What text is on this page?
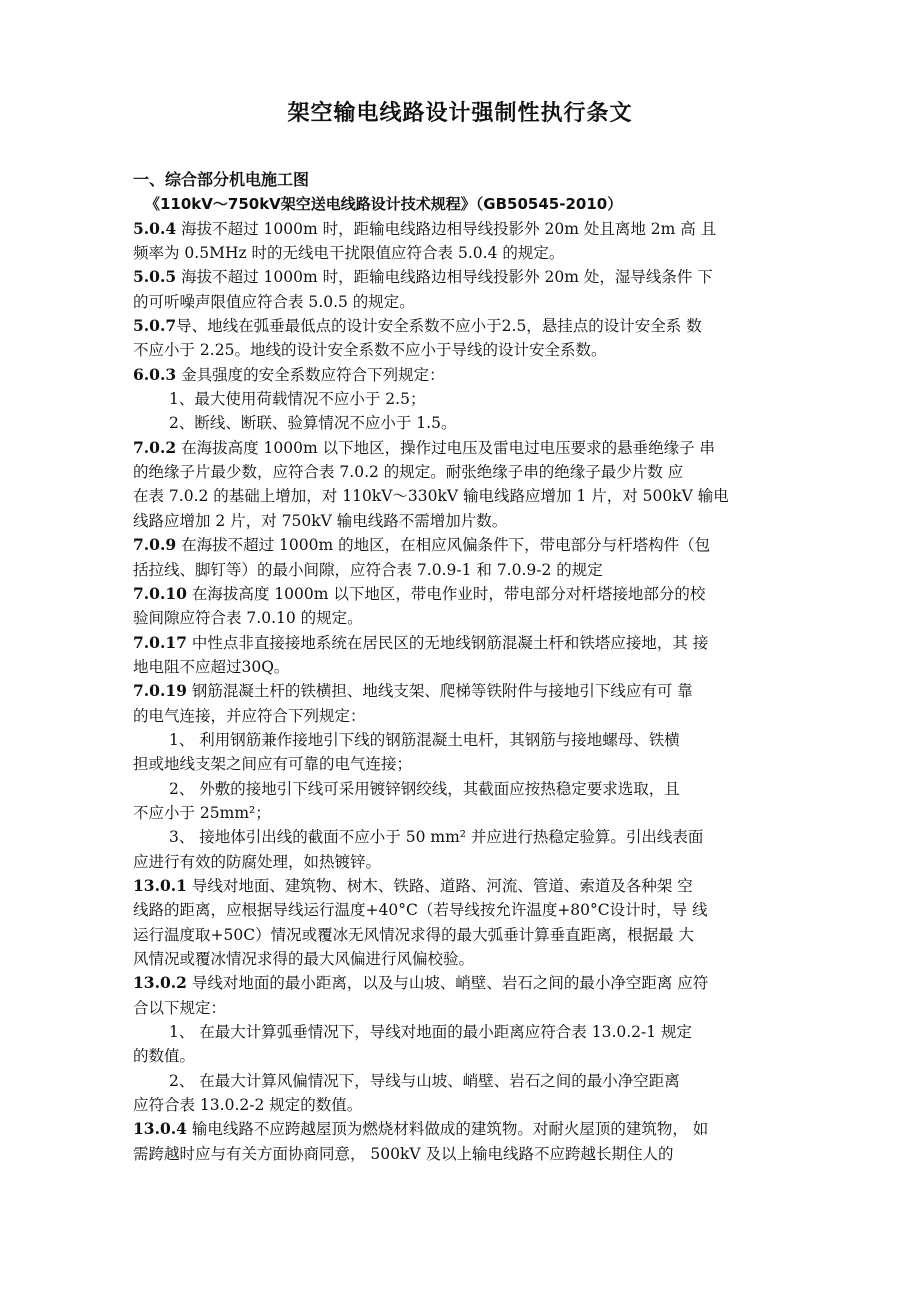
架空输电线路设计强制性执行条文
一、综合部分机电施工图
《110kV～750kV架空送电线路设计技术规程》（GB50545-2010）
5.0.4 海拔不超过 1000m 时，距输电线路边相导线投影外 20m 处且离地 2m 高 且
频率为 0.5MHz 时的无线电干扰限值应符合表 5.0.4 的规定。
5.0.5 海拔不超过 1000m 时，距输电线路边相导线投影外 20m 处，湿导线条件 下
的可听噪声限值应符合表 5.0.5 的规定。
5.0.7导、地线在弧垂最低点的设计安全系数不应小于2.5，悬挂点的设计安全系 数
不应小于 2.25。地线的设计安全系数不应小于导线的设计安全系数。
6.0.3 金具强度的安全系数应符合下列规定：
1、最大使用荷载情况不应小于 2.5；
2、断线、断联、验算情况不应小于 1.5。
7.0.2 在海拔高度 1000m 以下地区，操作过电压及雷电过电压要求的悬垂绝缘子 串
的绝缘子片最少数，应符合表 7.0.2 的规定。耐张绝缘子串的绝缘子最少片数 应
在表 7.0.2 的基础上增加，对 110kV～330kV 输电线路应增加 1 片，对 500kV 输电
线路应增加 2 片，对 750kV 输电线路不需增加片数。
7.0.9 在海拔不超过 1000m 的地区，在相应风偏条件下，带电部分与杆塔构件（包
括拉线、脚钉等）的最小间隙，应符合表 7.0.9-1 和 7.0.9-2 的规定
7.0.10 在海拔高度 1000m 以下地区，带电作业时，带电部分对杆塔接地部分的校
验间隙应符合表 7.0.10 的规定。
7.0.17 中性点非直接接地系统在居民区的无地线钢筋混凝土杆和铁塔应接地，其 接
地电阻不应超过30Q。
7.0.19 钢筋混凝土杆的铁横担、地线支架、爬梯等铁附件与接地引下线应有可 靠
的电气连接，并应符合下列规定：
1、 利用钢筋兼作接地引下线的钢筋混凝土电杆，其钢筋与接地螺母、铁横
担或地线支架之间应有可靠的电气连接；
2、 外敷的接地引下线可采用镀锌钢绞线，其截面应按热稳定要求选取，且
不应小于 25mm²；
3、 接地体引出线的截面不应小于 50 mm² 并应进行热稳定验算。引出线表面
应进行有效的防腐处理，如热镀锌。
13.0.1 导线对地面、建筑物、树木、铁路、道路、河流、管道、索道及各种架 空
线路的距离，应根据导线运行温度+40°C（若导线按允许温度+80°C设计时，导 线
运行温度取+50C）情况或覆冰无风情况求得的最大弧垂计算垂直距离，根据最 大
风情况或覆冰情况求得的最大风偏进行风偏校验。
13.0.2 导线对地面的最小距离，以及与山坡、峭壁、岩石之间的最小净空距离 应符
合以下规定：
1、 在最大计算弧垂情况下，导线对地面的最小距离应符合表 13.0.2-1 规定
的数值。
2、 在最大计算风偏情况下，导线与山坡、峭壁、岩石之间的最小净空距离
应符合表 13.0.2-2 规定的数值。
13.0.4 输电线路不应跨越屋顶为燃烧材料做成的建筑物。对耐火屋顶的建筑物， 如
需跨越时应与有关方面协商同意， 500kV 及以上输电线路不应跨越长期住人的
